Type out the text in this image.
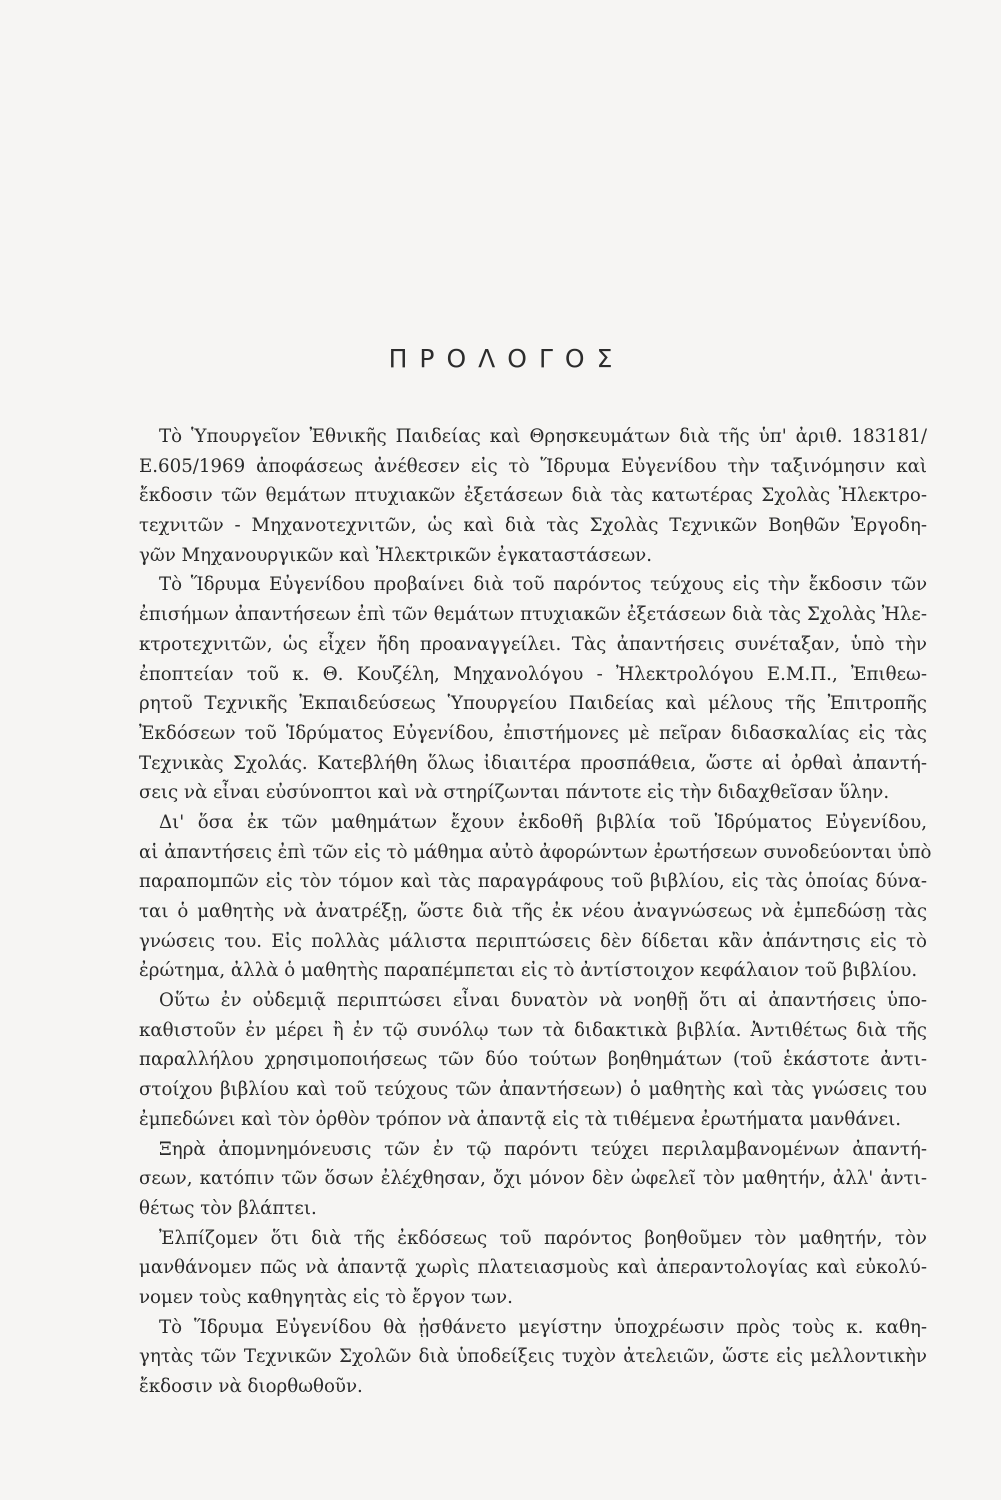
ΠΡΟΛΟΓΟΣ
Τὸ Ὑπουργεῖον Ἐθνικῆς Παιδείας καὶ Θρησκευμάτων διὰ τῆς ὑπ' ἀριθ. 183181/
Ε.605/1969 ἀποφάσεως ἀνέθεσεν εἰς τὸ Ἵδρυμα Εὐγενίδου τὴν ταξινόμησιν καὶ
ἔκδοσιν τῶν θεμάτων πτυχιακῶν ἐξετάσεων διὰ τὰς κατωτέρας Σχολὰς Ἠλεκτρο-
τεχνιτῶν - Μηχανοτεχνιτῶν, ὡς καὶ διὰ τὰς Σχολὰς Τεχνικῶν Βοηθῶν Ἐργοδη-
γῶν Μηχανουργικῶν καὶ Ἠλεκτρικῶν ἐγκαταστάσεων.
Τὸ Ἵδρυμα Εὐγενίδου προβαίνει διὰ τοῦ παρόντος τεύχους εἰς τὴν ἔκδοσιν τῶν
ἐπισήμων ἀπαντήσεων ἐπὶ τῶν θεμάτων πτυχιακῶν ἐξετάσεων διὰ τὰς Σχολὰς Ἠλε-
κτροτεχνιτῶν, ὡς εἶχεν ἤδη προαναγγείλει. Τὰς ἀπαντήσεις συνέταξαν, ὑπὸ τὴν
ἐποπτείαν τοῦ κ. Θ. Κουζέλη, Μηχανολόγου - Ἠλεκτρολόγου Ε.Μ.Π., Ἐπιθεω-
ρητοῦ Τεχνικῆς Ἐκπαιδεύσεως Ὑπουργείου Παιδείας καὶ μέλους τῆς Ἐπιτροπῆς
Ἐκδόσεων τοῦ Ἱδρύματος Εὐγενίδου, ἐπιστήμονες μὲ πεῖραν διδασκαλίας εἰς τὰς
Τεχνικὰς Σχολάς. Κατεβλήθη ὅλως ἰδιαιτέρα προσπάθεια, ὥστε αἱ ὀρθαὶ ἀπαντή-
σεις νὰ εἶναι εὐσύνοπτοι καὶ νὰ στηρίζωνται πάντοτε εἰς τὴν διδαχθεῖσαν ὕλην.
Δι' ὅσα ἐκ τῶν μαθημάτων ἔχουν ἐκδοθῆ βιβλία τοῦ Ἱδρύματος Εὐγενίδου,
αἱ ἀπαντήσεις ἐπὶ τῶν εἰς τὸ μάθημα αὐτὸ ἀφορώντων ἐρωτήσεων συνοδεύονται ὑπὸ
παραπομπῶν εἰς τὸν τόμον καὶ τὰς παραγράφους τοῦ βιβλίου, εἰς τὰς ὁποίας δύνα-
ται ὁ μαθητὴς νὰ ἀνατρέξῃ, ὥστε διὰ τῆς ἐκ νέου ἀναγνώσεως νὰ ἐμπεδώσῃ τὰς
γνώσεις του. Εἰς πολλὰς μάλιστα περιπτώσεις δὲν δίδεται κἂν ἀπάντησις εἰς τὸ
ἐρώτημα, ἀλλὰ ὁ μαθητὴς παραπέμπεται εἰς τὸ ἀντίστοιχον κεφάλαιον τοῦ βιβλίου.
Οὕτω ἐν οὐδεμιᾷ περιπτώσει εἶναι δυνατὸν νὰ νοηθῇ ὅτι αἱ ἀπαντήσεις ὑπο-
καθιστοῦν ἐν μέρει ἢ ἐν τῷ συνόλῳ των τὰ διδακτικὰ βιβλία. Ἀντιθέτως διὰ τῆς
παραλλήλου χρησιμοποιήσεως τῶν δύο τούτων βοηθημάτων (τοῦ ἑκάστοτε ἀντι-
στοίχου βιβλίου καὶ τοῦ τεύχους τῶν ἀπαντήσεων) ὁ μαθητὴς καὶ τὰς γνώσεις του
ἐμπεδώνει καὶ τὸν ὀρθὸν τρόπον νὰ ἀπαντᾷ εἰς τὰ τιθέμενα ἐρωτήματα μανθάνει.
Ξηρὰ ἀπομνημόνευσις τῶν ἐν τῷ παρόντι τεύχει περιλαμβανομένων ἀπαντή-
σεων, κατόπιν τῶν ὅσων ἐλέχθησαν, ὄχι μόνον δὲν ὠφελεῖ τὸν μαθητήν, ἀλλ' ἀντι-
θέτως τὸν βλάπτει.
Ἐλπίζομεν ὅτι διὰ τῆς ἐκδόσεως τοῦ παρόντος βοηθοῦμεν τὸν μαθητήν, τὸν
μανθάνομεν πῶς νὰ ἀπαντᾷ χωρὶς πλατειασμοὺς καὶ ἀπεραντολογίας καὶ εὐκολύ-
νομεν τοὺς καθηγητὰς εἰς τὸ ἔργον των.
Τὸ Ἵδρυμα Εὐγενίδου θὰ ᾐσθάνετο μεγίστην ὑποχρέωσιν πρὸς τοὺς κ. καθη-
γητὰς τῶν Τεχνικῶν Σχολῶν διὰ ὑποδείξεις τυχὸν ἀτελειῶν, ὥστε εἰς μελλοντικὴν
ἔκδοσιν νὰ διορθωθοῦν.
